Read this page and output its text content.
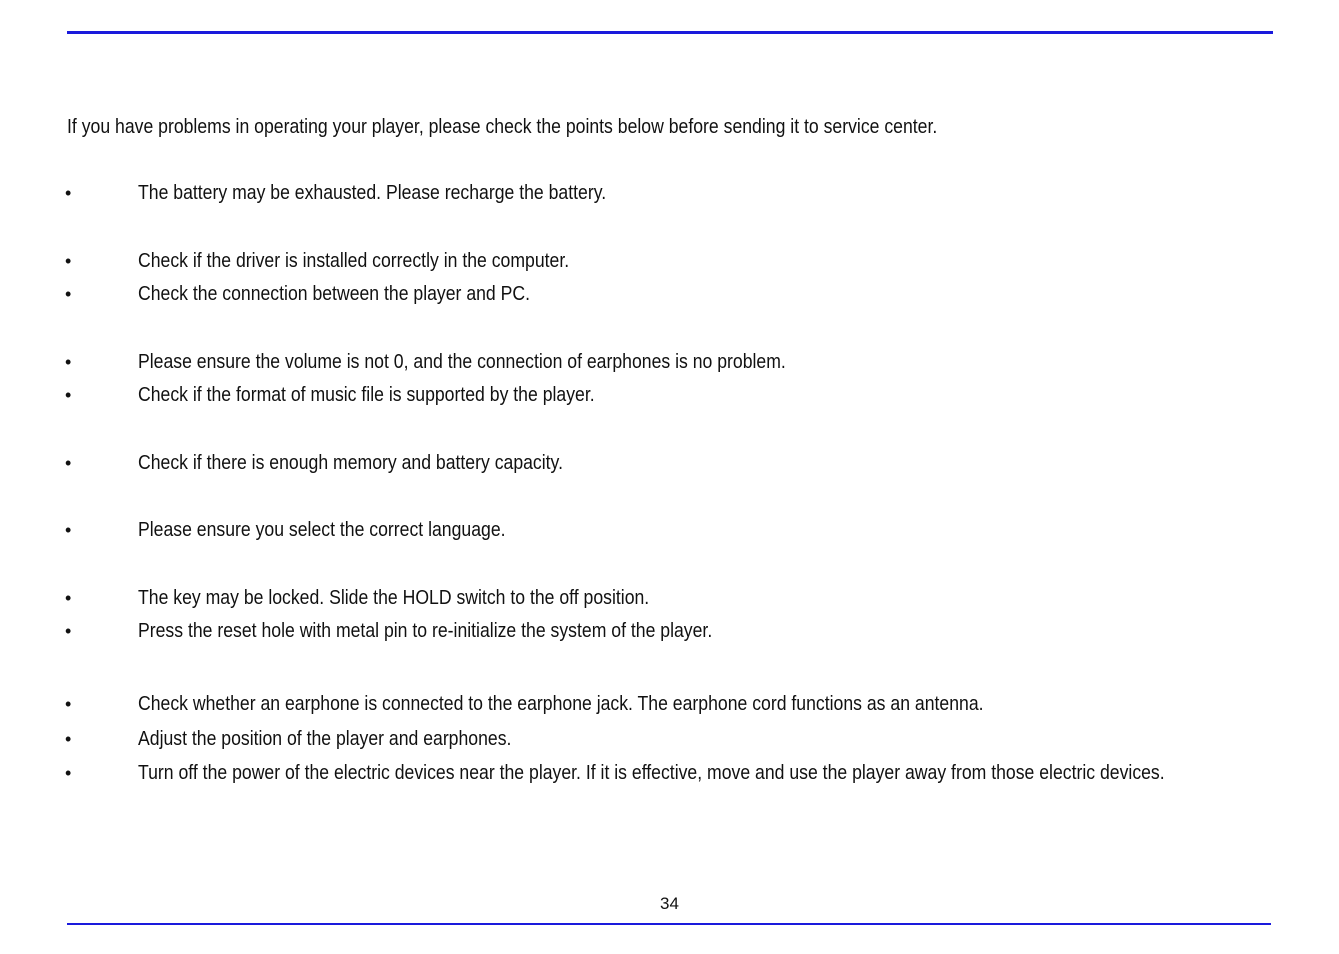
If you have problems in operating your player, please check the points below before sending it to service center.
•	The battery may be exhausted. Please recharge the battery.
•	Check if the driver is installed correctly in the computer.
•	Check the connection between the player and PC.
•	Please ensure the volume is not 0, and the connection of earphones is no problem.
•	Check if the format of music file is supported by the player.
•	Check if there is enough memory and battery capacity.
•	Please ensure you select the correct language.
•	The key may be locked. Slide the HOLD switch to the off position.
•	Press the reset hole with metal pin to re-initialize the system of the player.
•	Check whether an earphone is connected to the earphone jack. The earphone cord functions as an antenna.
•	Adjust the position of the player and earphones.
•	Turn off the power of the electric devices near the player. If it is effective, move and use the player away from those electric devices.
34
